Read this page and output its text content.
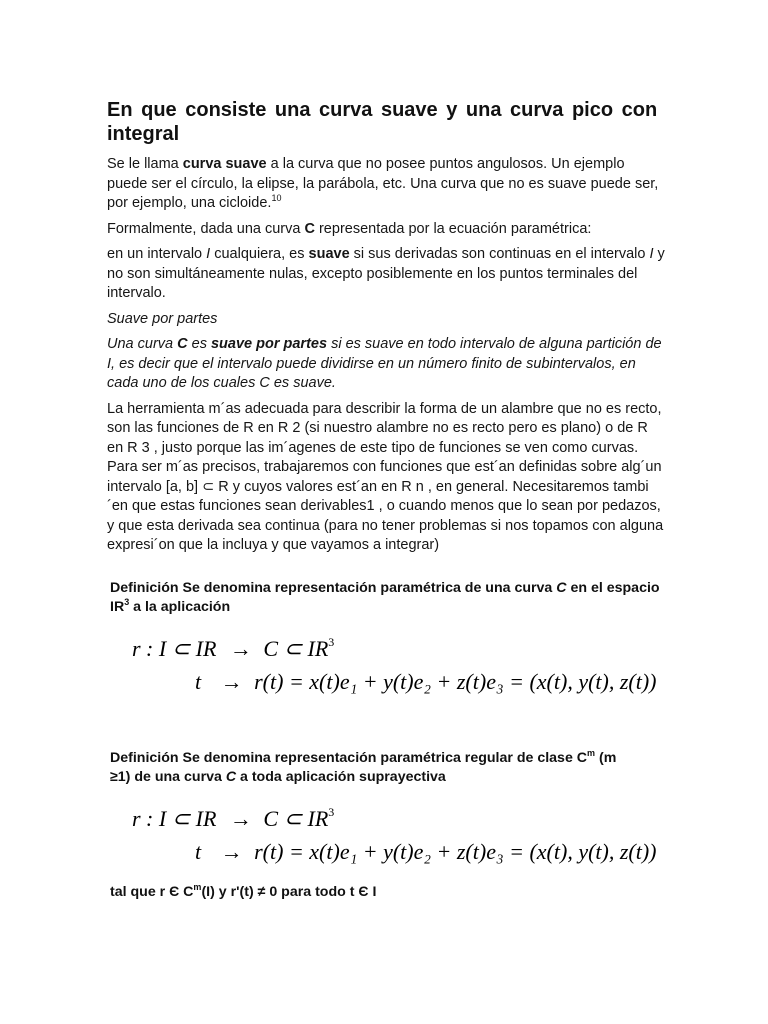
En que consiste una curva suave y una curva pico con integral

Se le llama curva suave a la curva que no posee puntos angulosos. Un ejemplo puede ser el círculo, la elipse, la parábola, etc. Una curva que no es suave puede ser, por ejemplo, una cicloide.$^{10}$

Formalmente, dada una curva C representada por la ecuación paramétrica:

en un intervalo I cualquiera, es suave si sus derivadas son continuas en el intervalo I y no son simultáneamente nulas, excepto posiblemente en los puntos terminales del intervalo.

Suave por partes

Una curva C es suave por partes si es suave en todo intervalo de alguna partición de I, es decir que el intervalo puede dividirse en un número finito de subintervalos, en cada uno de los cuales C es suave.

La herramienta m´as adecuada para describir la forma de un alambre que no es recto, son las funciones de R en R 2 (si nuestro alambre no es recto pero es plano) o de R en R 3 , justo porque las im´agenes de este tipo de funciones se ven como curvas. Para ser m´as precisos, trabajaremos con funciones que est´an definidas sobre alg´un intervalo [a, b] ⊂ R y cuyos valores est´an en R n , en general. Necesitaremos tambi´en que estas funciones sean derivables1 , o cuando menos que lo sean por pedazos, y que esta derivada sea continua (para no tener problemas si nos topamos con alguna expresi´on que la incluya y que vayamos a integrar)

Definición Se denomina representación paramétrica de una curva C en el espacio $IR^3$ a la aplicación

r : I ⊂ IR → C ⊂ $IR^3$
t → r(t) = x(t)e₁ + y(t)e₂ + z(t)e₃ = (x(t), y(t), z(t))

Definición Se denomina representación paramétrica regular de clase $C^m$ (m ≥1) de una curva C a toda aplicación suprayectiva

r : I ⊂ IR → C ⊂ $IR^3$
t → r(t) = x(t)e₁ + y(t)e₂ + z(t)e₃ = (x(t), y(t), z(t))

tal que r Є $C^m(I)$ y r'(t) ≠ 0 para todo t Є I
